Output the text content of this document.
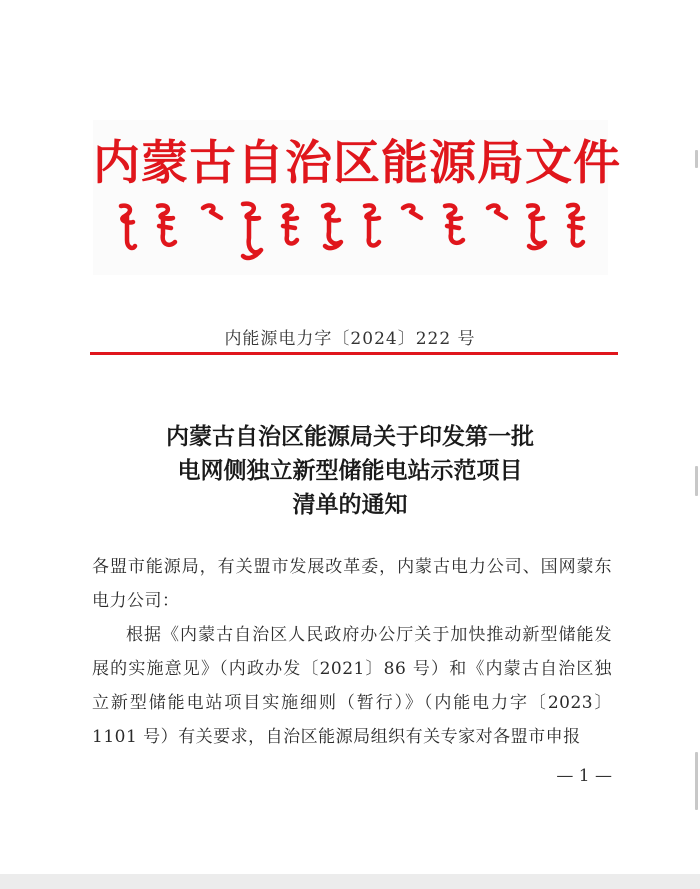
内蒙古自治区能源局文件
内能源电力字〔2024〕222 号
内蒙古自治区能源局关于印发第一批
电网侧独立新型储能电站示范项目
清单的通知

各盟市能源局，有关盟市发展改革委，内蒙古电力公司、国网蒙东电力公司：

根据《内蒙古自治区人民政府办公厅关于加快推动新型储能发展的实施意见》（内政办发〔2021〕86 号）和《内蒙古自治区独立新型储能电站项目实施细则（暂行）》（内能电力字〔2023〕1101 号）有关要求，自治区能源局组织有关专家对各盟市申报

— 1 —
